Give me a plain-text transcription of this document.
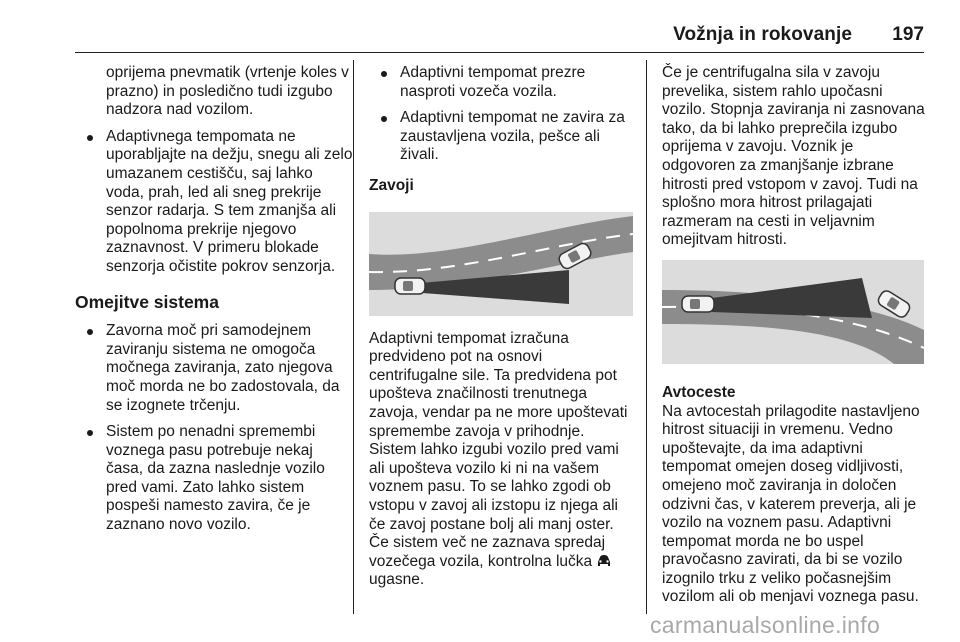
Vožnja in rokovanje 197
oprijema pnevmatik (vrtenje koles v prazno) in posledično tudi izgubo nadzora nad vozilom.
Adaptivnega tempomata ne uporabljajte na dežju, snegu ali zelo umazanem cestišču, saj lahko voda, prah, led ali sneg prekrije senzor radarja. S tem zmanjša ali popolnoma prekrije njegovo zaznavnost. V primeru blokade senzorja očistite pokrov senzorja.
Omejitve sistema
Zavorna moč pri samodejnem zaviranju sistema ne omogoča močnega zaviranja, zato njegova moč morda ne bo zadostovala, da se izognete trčenju.
Sistem po nenadni spremembi voznega pasu potrebuje nekaj časa, da zazna naslednje vozilo pred vami. Zato lahko sistem pospeši namesto zavira, če je zaznano novo vozilo.
Adaptivni tempomat prezre nasproti vozeča vozila.
Adaptivni tempomat ne zavira za zaustavljena vozila, pešce ali živali.
Zavoji
Adaptivni tempomat izračuna predvideno pot na osnovi centrifugalne sile. Ta predvidena pot upošteva značilnosti trenutnega zavoja, vendar pa ne more upoštevati spremembe zavoja v prihodnje. Sistem lahko izgubi vozilo pred vami ali upošteva vozilo ki ni na vašem voznem pasu. To se lahko zgodi ob vstopu v zavoj ali izstopu iz njega ali če zavoj postane bolj ali manj oster. Če sistem več ne zaznava spredaj vozečega vozila, kontrolna lučka  ugasne.
Če je centrifugalna sila v zavoju prevelika, sistem rahlo upočasni vozilo. Stopnja zaviranja ni zasnovana tako, da bi lahko preprečila izgubo oprijema v zavoju. Voznik je odgovoren za zmanjšanje izbrane hitrosti pred vstopom v zavoj. Tudi na splošno mora hitrost prilagajati razmeram na cesti in veljavnim omejitvam hitrosti.
Avtoceste
Na avtocestah prilagodite nastavljeno hitrost situaciji in vremenu. Vedno upoštevajte, da ima adaptivni tempomat omejen doseg vidljivosti, omejeno moč zaviranja in določen odzivni čas, v katerem preverja, ali je vozilo na voznem pasu. Adaptivni tempomat morda ne bo uspel pravočasno zavirati, da bi se vozilo izognilo trku z veliko počasnejšim vozilom ali ob menjavi voznega pasu.
carmanualsonline.info
